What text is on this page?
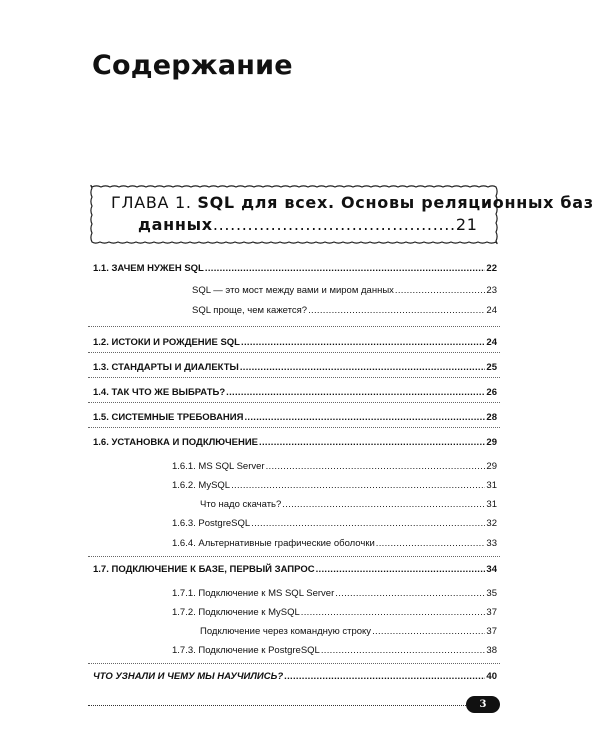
Содержание
ГЛАВА 1. SQL для всех. Основы реляционных баз
данных..........................................21
1.1. ЗАЧЕМ НУЖЕН SQL .....	22
SQL — это мост между вами и миром данных .....	23
SQL проще, чем кажется? .....	24
1.2. ИСТОКИ И РОЖДЕНИЕ SQL .....	24
1.3. СТАНДАРТЫ И ДИАЛЕКТЫ .....	25
1.4. ТАК ЧТО ЖЕ ВЫБРАТЬ? .....	26
1.5. СИСТЕМНЫЕ ТРЕБОВАНИЯ .....	28
1.6. УСТАНОВКА И ПОДКЛЮЧЕНИЕ .....	29
1.6.1. MS SQL Server .....	29
1.6.2. MySQL .....	31
Что надо скачать? .....	31
1.6.3. PostgreSQL .....	32
1.6.4. Альтернативные графические оболочки .....	33
1.7. ПОДКЛЮЧЕНИЕ К БАЗЕ, ПЕРВЫЙ ЗАПРОС .....	34
1.7.1. Подключение к MS SQL Server .....	35
1.7.2. Подключение к MySQL .....	37
Подключение через командную строку .....	37
1.7.3. Подключение к PostgreSQL .....	38
ЧТО УЗНАЛИ И ЧЕМУ МЫ НАУЧИЛИСЬ? .....	40
3
